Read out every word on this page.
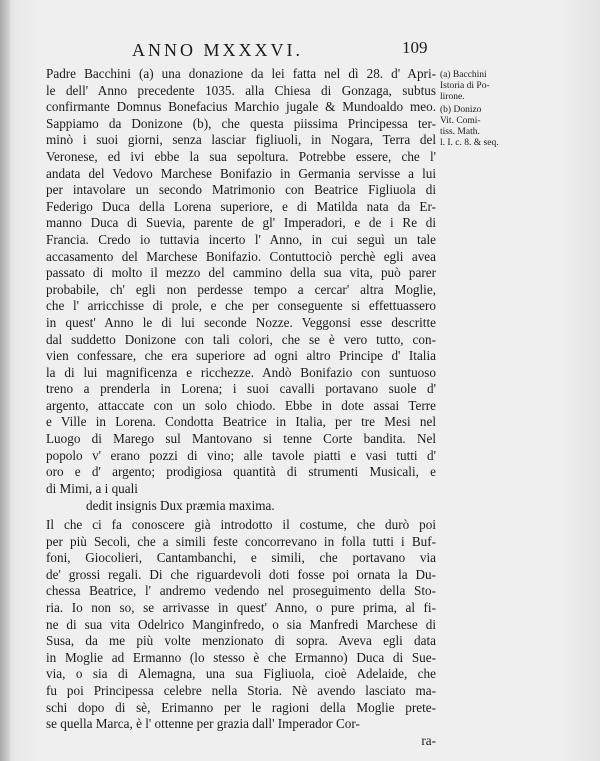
ANNO MXXXVI.	109
Padre Bacchini (a) una donazione da lei fatta nel dì 28. d' Apri-
le dell' Anno precedente 1035. alla Chiesa di Gonzaga, subtus
confirmante Domnus Bonefacius Marchio jugale & Mundoaldo meo.
Sappiamo da Donizone (b), che questa piissima Principessa ter-
minò i suoi giorni, senza lasciar figliuoli, in Nogara, Terra del
Veronese, ed ivi ebbe la sua sepoltura. Potrebbe essere, che l'
andata del Vedovo Marchese Bonifazio in Germania servisse a lui
per intavolare un secondo Matrimonio con Beatrice Figliuola di
Federigo Duca della Lorena superiore, e di Matilda nata da Er-
manno Duca di Suevia, parente de gl' Imperadori, e de i Re di
Francia. Credo io tuttavia incerto l' Anno, in cui seguì un tale
accasamento del Marchese Bonifazio. Contuttociò perchè egli avea
passato di molto il mezzo del cammino della sua vita, può parer
probabile, ch' egli non perdesse tempo a cercar' altra Moglie,
che l' arricchisse di prole, e che per conseguente si effettuassero
in quest' Anno le di lui seconde Nozze. Veggonsi esse descritte
dal suddetto Donizone con tali colori, che se è vero tutto, con-
vien confessare, che era superiore ad ogni altro Principe d' Italia
la di lui magnificenza e ricchezze. Andò Bonifazio con suntuoso
treno a prenderla in Lorena; i suoi cavalli portavano suole d'
argento, attaccate con un solo chiodo. Ebbe in dote assai Terre
e Ville in Lorena. Condotta Beatrice in Italia, per tre Mesi nel
Luogo di Marego sul Mantovano si tenne Corte bandita. Nel
popolo v' erano pozzi di vino; alle tavole piatti e vasi tutti d'
oro e d' argento; prodigiosa quantità di strumenti Musicali, e
di Mimi, a i quali
dedit insignis Dux præmia maxima.
Il che ci fa conoscere già introdotto il costume, che durò poi
per più Secoli, che a simili feste concorrevano in folla tutti i Buf-
foni, Giocolieri, Cantambanchi, e simili, che portavano via
de' grossi regali. Di che riguardevoli doti fosse poi ornata la Du-
chessa Beatrice, l' andremo vedendo nel proseguimento della Sto-
ria. Io non so, se arrivasse in quest' Anno, o pure prima, al fi-
ne di sua vita Odelrico Manginfredo, o sia Manfredi Marchese di
Susa, da me più volte menzionato di sopra. Aveva egli data
in Moglie ad Ermanno (lo stesso è che Ermanno) Duca di Sue-
via, o sia di Alemagna, una sua Figliuola, cioè Adelaide, che
fu poi Principessa celebre nella Storia. Nè avendo lasciato ma-
schi dopo di sè, Erimanno per le ragioni della Moglie prete-
se quella Marca, è l' ottenne per grazia dall' Imperador Cor-
ra-
(a) Bacchini
Istoria di Po-
lirone.
(b) Donizo
Vit. Comi-
tiss. Math.
l. I. c. 8. & seq.
